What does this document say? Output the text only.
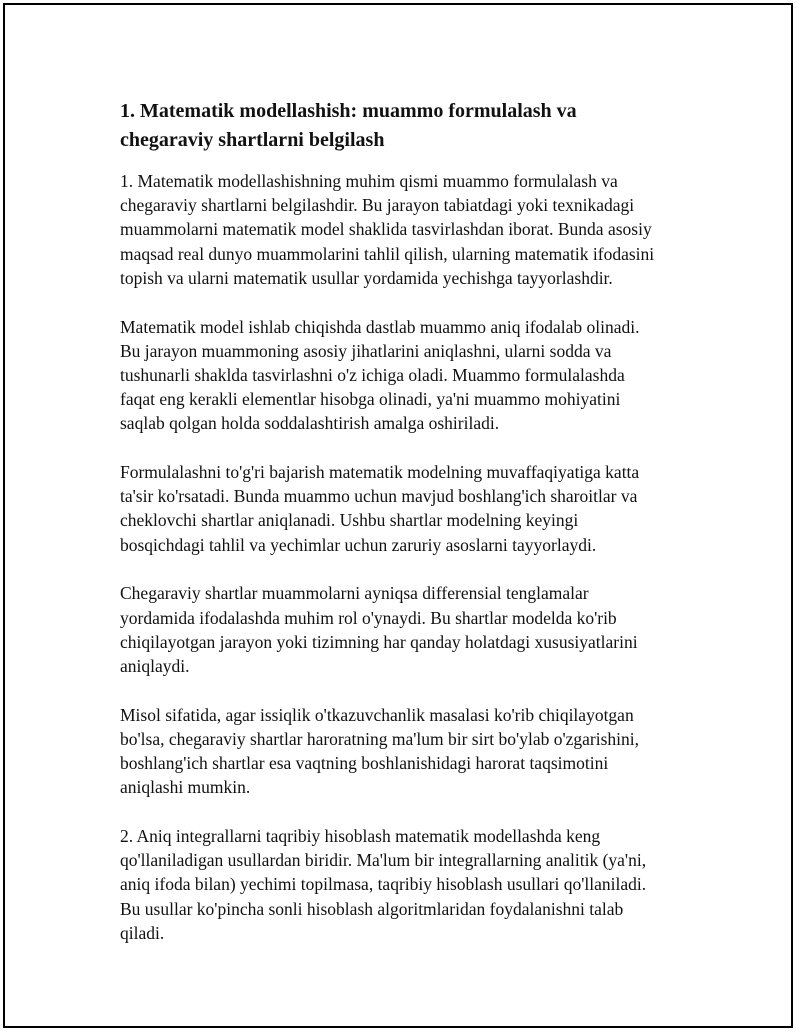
1. Matematik modellashish: muammo formulalash va
chegaraviy shartlarni belgilash

1. Matematik modellashishning muhim qismi muammo formulalash va
chegaraviy shartlarni belgilashdir. Bu jarayon tabiatdagi yoki texnikadagi
muammolarni matematik model shaklida tasvirlashdan iborat. Bunda asosiy
maqsad real dunyo muammolarini tahlil qilish, ularning matematik ifodasini
topish va ularni matematik usullar yordamida yechishga tayyorlashdir.

Matematik model ishlab chiqishda dastlab muammo aniq ifodalab olinadi.
Bu jarayon muammoning asosiy jihatlarini aniqlashni, ularni sodda va
tushunarli shaklda tasvirlashni o'z ichiga oladi. Muammo formulalashda
faqat eng kerakli elementlar hisobga olinadi, ya'ni muammo mohiyatini
saqlab qolgan holda soddalashtirish amalga oshiriladi.

Formulalashni to'g'ri bajarish matematik modelning muvaffaqiyatiga katta
ta'sir ko'rsatadi. Bunda muammo uchun mavjud boshlang'ich sharoitlar va
cheklovchi shartlar aniqlanadi. Ushbu shartlar modelning keyingi
bosqichdagi tahlil va yechimlar uchun zaruriy asoslarni tayyorlaydi.

Chegaraviy shartlar muammolarni ayniqsa differensial tenglamalar
yordamida ifodalashda muhim rol o'ynaydi. Bu shartlar modelda ko'rib
chiqilayotgan jarayon yoki tizimning har qanday holatdagi xususiyatlarini
aniqlaydi.

Misol sifatida, agar issiqlik o'tkazuvchanlik masalasi ko'rib chiqilayotgan
bo'lsa, chegaraviy shartlar haroratning ma'lum bir sirt bo'ylab o'zgarishini,
boshlang'ich shartlar esa vaqtning boshlanishidagi harorat taqsimotini
aniqlashi mumkin.

2. Aniq integrallarni taqribiy hisoblash matematik modellashda keng
qo'llaniladigan usullardan biridir. Ma'lum bir integrallarning analitik (ya'ni,
aniq ifoda bilan) yechimi topilmasa, taqribiy hisoblash usullari qo'llaniladi.
Bu usullar ko'pincha sonli hisoblash algoritmlaridan foydalanishni talab
qiladi.
